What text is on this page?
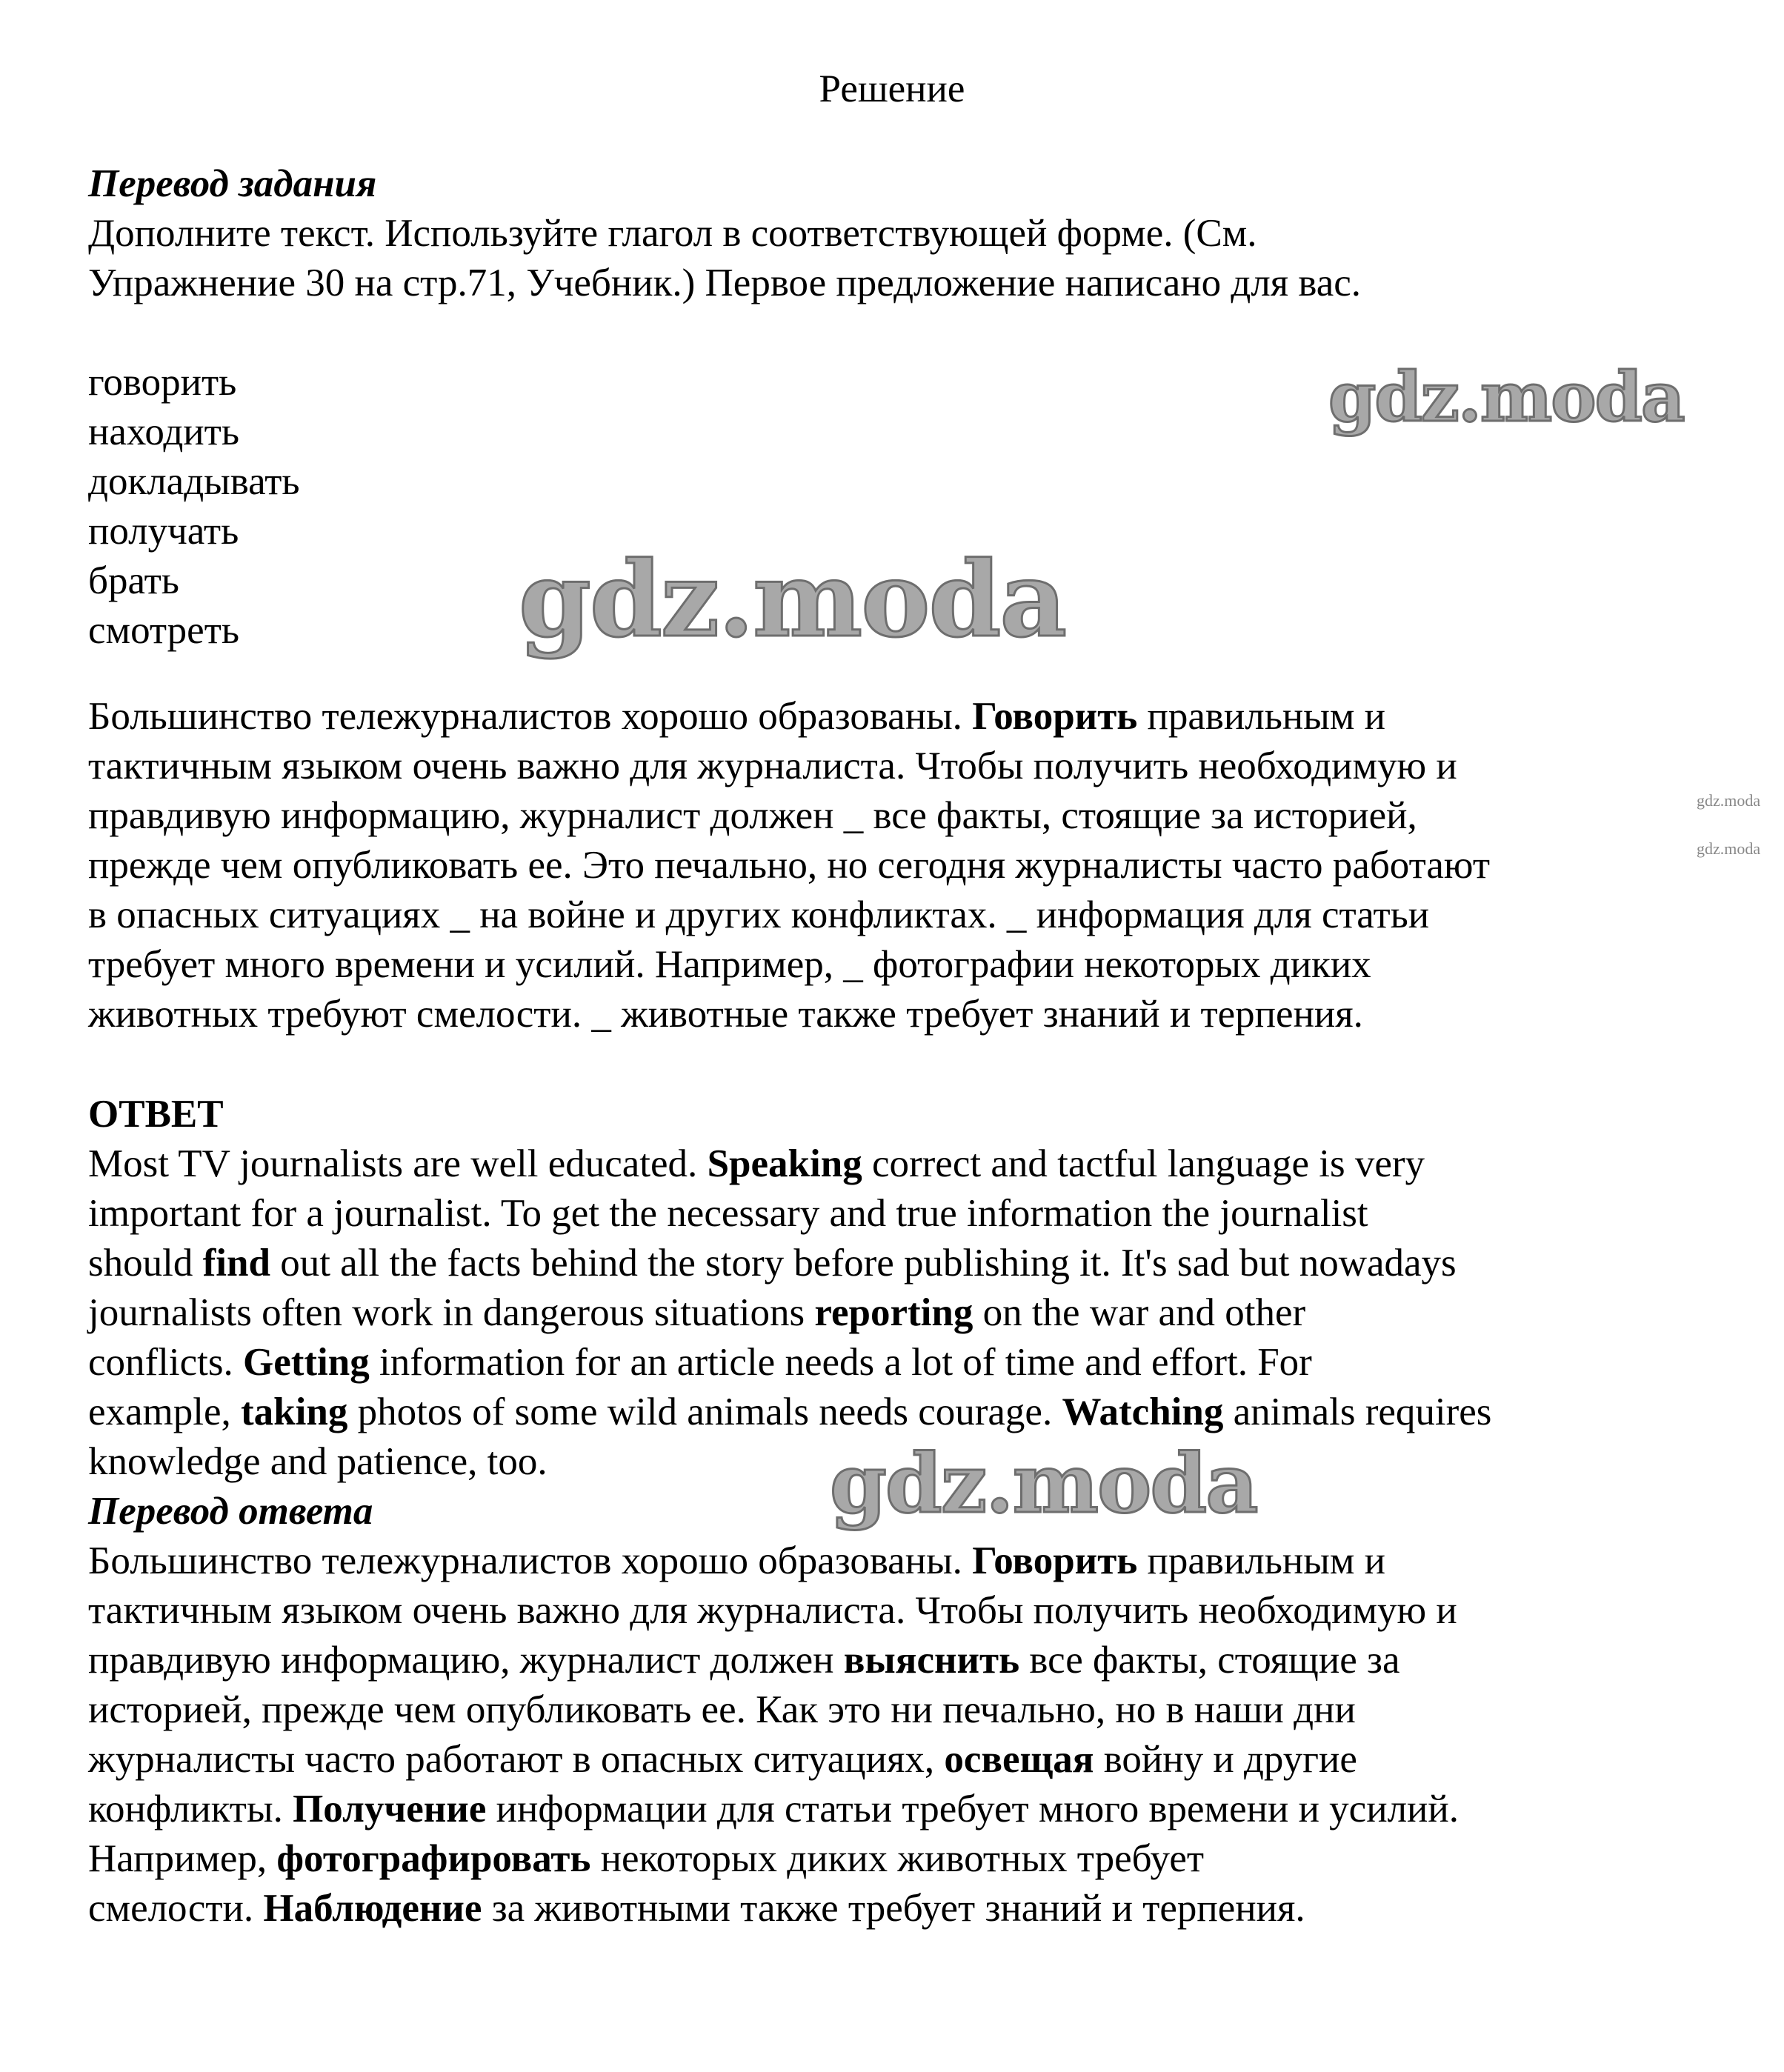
Решение
Перевод задания
Дополните текст. Используйте глагол в соответствующей форме. (См.
Упражнение 30 на стр.71, Учебник.) Первое предложение написано для вас.
говорить
находить
докладывать
получать
брать
смотреть
Большинство тележурналистов хорошо образованы. Говорить правильным и
тактичным языком очень важно для журналиста. Чтобы получить необходимую и
правдивую информацию, журналист должен _ все факты, стоящие за историей,
прежде чем опубликовать ее. Это печально, но сегодня журналисты часто работают
в опасных ситуациях _ на войне и других конфликтах. _ информация для статьи
требует много времени и усилий. Например, _ фотографии некоторых диких
животных требуют смелости. _ животные также требует знаний и терпения.
ОТВЕТ
Most TV journalists are well educated. Speaking correct and tactful language is very
important for a journalist. To get the necessary and true information the journalist
should find out all the facts behind the story before publishing it. It's sad but nowadays
journalists often work in dangerous situations reporting on the war and other
conflicts. Getting information for an article needs a lot of time and effort. For
example, taking photos of some wild animals needs courage. Watching animals requires
knowledge and patience, too.
Перевод ответа
Большинство тележурналистов хорошо образованы. Говорить правильным и
тактичным языком очень важно для журналиста. Чтобы получить необходимую и
правдивую информацию, журналист должен выяснить все факты, стоящие за
историей, прежде чем опубликовать ее. Как это ни печально, но в наши дни
журналисты часто работают в опасных ситуациях, освещая войну и другие
конфликты. Получение информации для статьи требует много времени и усилий.
Например, фотографировать некоторых диких животных требует
смелости. Наблюдение за животными также требует знаний и терпения.
gdz.moda
gdz.moda
gdz.moda
gdz.moda
gdz.moda
